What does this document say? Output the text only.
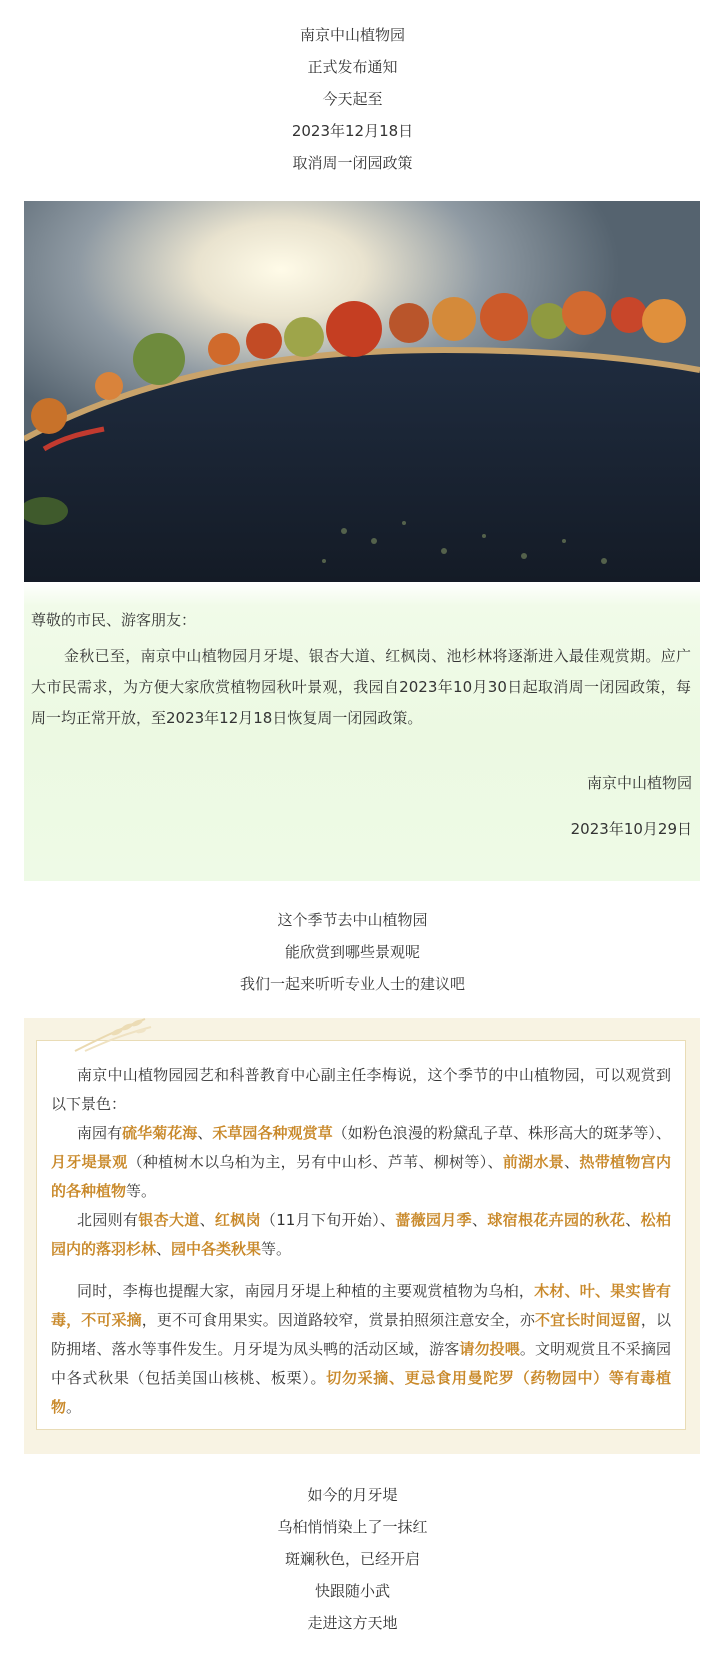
南京中山植物园
正式发布通知
今天起至
2023年12月18日
取消周一闭园政策
尊敬的市民、游客朋友：
金秋已至，南京中山植物园月牙堤、银杏大道、红枫岗、池杉林将逐渐进入最佳观赏期。应广大市民需求，为方便大家欣赏植物园秋叶景观，我园自2023年10月30日起取消周一闭园政策，每周一均正常开放，至2023年12月18日恢复周一闭园政策。
南京中山植物园
2023年10月29日
这个季节去中山植物园
能欣赏到哪些景观呢
我们一起来听听专业人士的建议吧

南京中山植物园园艺和科普教育中心副主任李梅说，这个季节的中山植物园，可以观赏到以下景色：

南园有硫华菊花海、禾草园各种观赏草（如粉色浪漫的粉黛乱子草、株形高大的斑茅等）、月牙堤景观（种植树木以乌桕为主，另有中山杉、芦苇、柳树等）、前湖水景、热带植物宫内的各种植物等。

北园则有银杏大道、红枫岗（11月下旬开始）、蔷薇园月季、球宿根花卉园的秋花、松柏园内的落羽杉林、园中各类秋果等。

同时，李梅也提醒大家，南园月牙堤上种植的主要观赏植物为乌桕，木材、叶、果实皆有毒，不可采摘，更不可食用果实。因道路较窄，赏景拍照须注意安全，亦不宜长时间逗留，以防拥堵、落水等事件发生。月牙堤为凤头鸭的活动区域，游客请勿投喂。文明观赏且不采摘园中各式秋果（包括美国山核桃、板栗）。切勿采摘、更忌食用曼陀罗（药物园中）等有毒植物。

如今的月牙堤
乌桕悄悄染上了一抹红
斑斓秋色，已经开启
快跟随小武
走进这方天地
